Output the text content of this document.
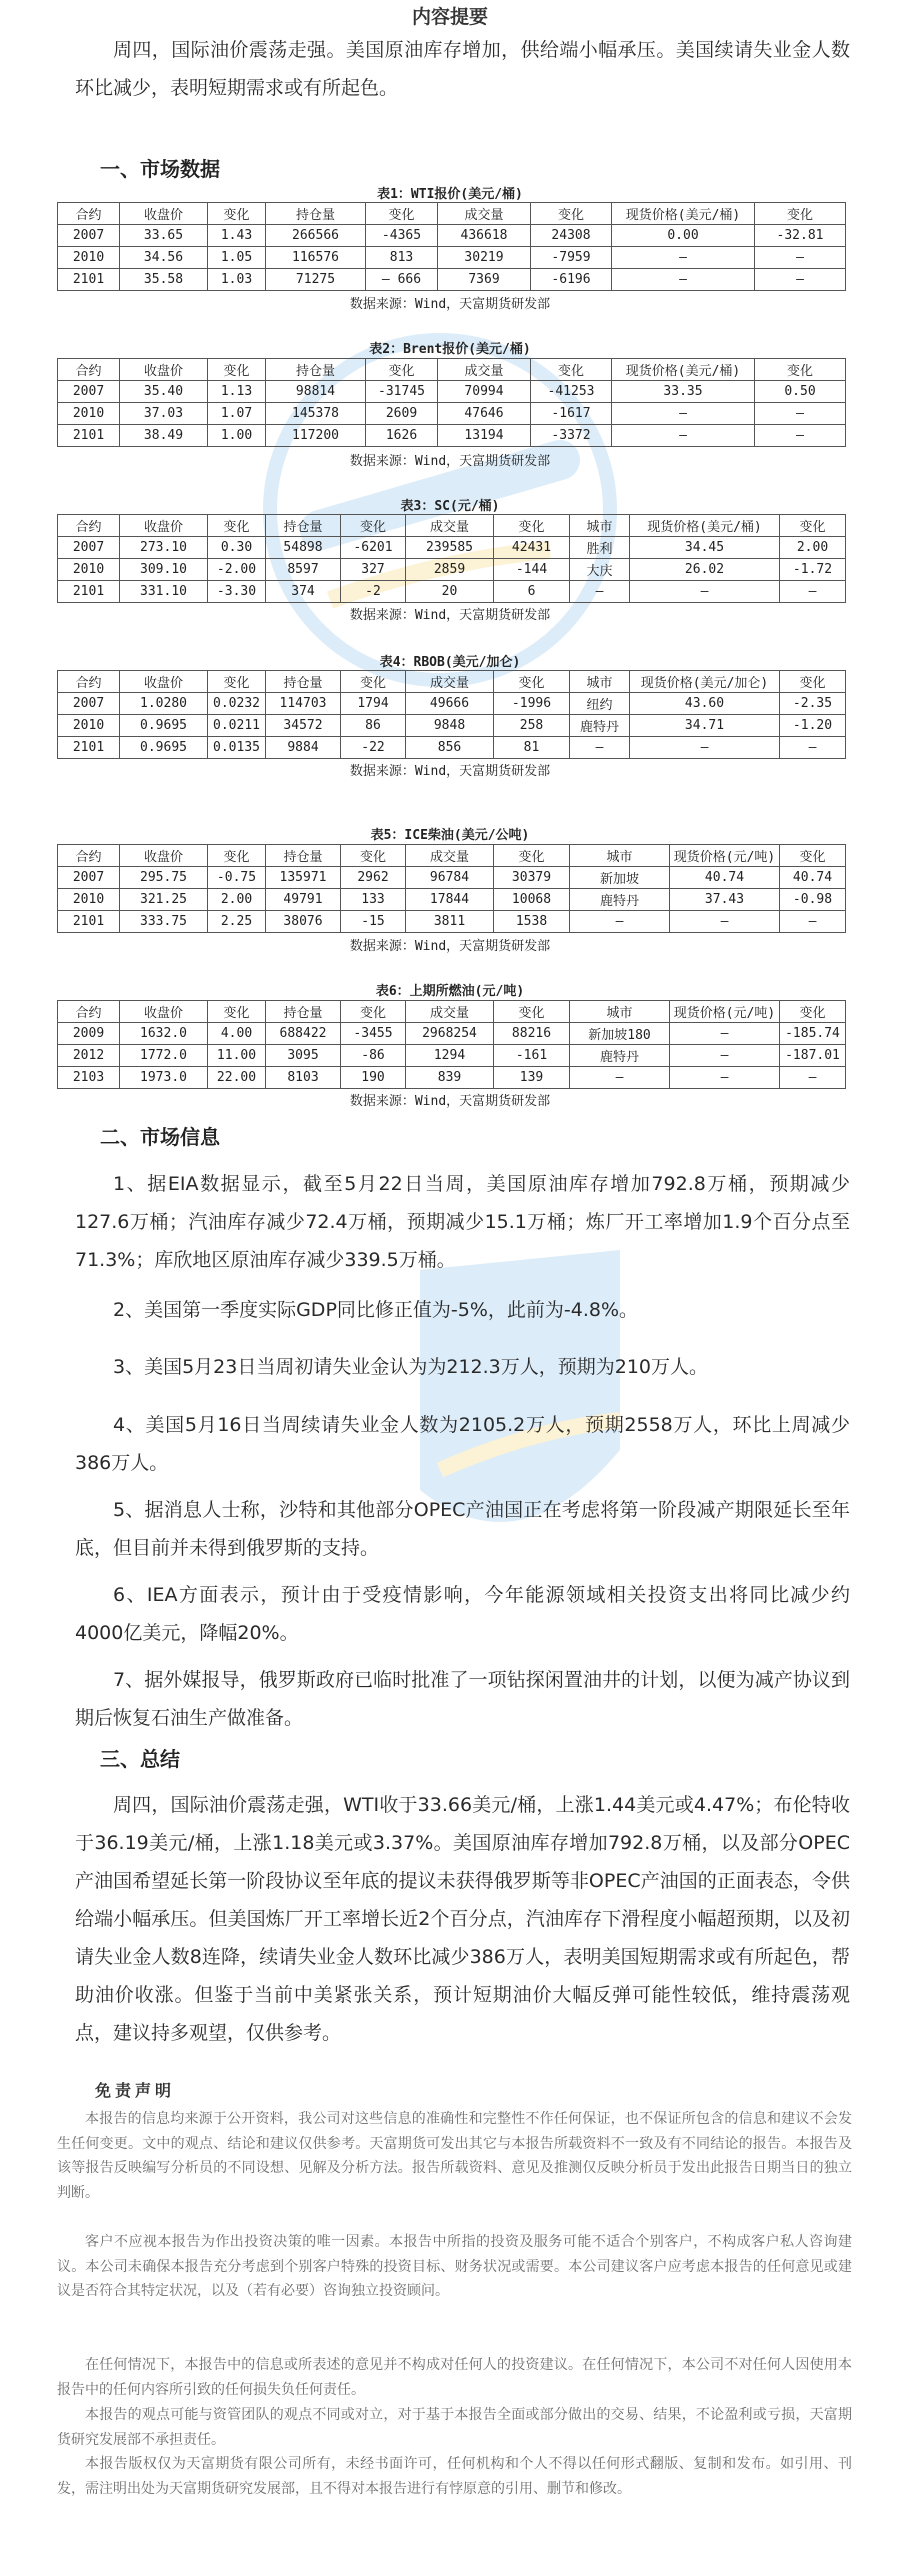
内容提要
周四，国际油价震荡走强。美国原油库存增加，供给端小幅承压。美国续请失业金人数环比减少，表明短期需求或有所起色。
一、市场数据
表1：WTI报价(美元/桶)
合约	收盘价	变化	持仓量	变化	成交量	变化	现货价格(美元/桶)	变化
2007	33.65	1.43	266566	-4365	436618	24308	0.00	-32.81
2010	34.56	1.05	116576	813	30219	-7959	—	—
2101	35.58	1.03	71275	— 666	7369	-6196	—	—
数据来源：Wind，天富期货研发部
表2：Brent报价(美元/桶)
合约	收盘价	变化	持仓量	变化	成交量	变化	现货价格(美元/桶)	变化
2007	35.40	1.13	98814	-31745	70994	-41253	33.35	0.50
2010	37.03	1.07	145378	2609	47646	-1617	—	—
2101	38.49	1.00	117200	1626	13194	-3372	—	—
数据来源：Wind，天富期货研发部
表3：SC(元/桶)
合约	收盘价	变化	持仓量	变化	成交量	变化	城市	现货价格(美元/桶)	变化
2007	273.10	0.30	54898	-6201	239585	42431	胜利	34.45	2.00
2010	309.10	-2.00	8597	327	2859	-144	大庆	26.02	-1.72
2101	331.10	-3.30	374	-2	20	6	—	—	—
数据来源：Wind，天富期货研发部
表4：RBOB(美元/加仑)
合约	收盘价	变化	持仓量	变化	成交量	变化	城市	现货价格(美元/加仑)	变化
2007	1.0280	0.0232	114703	1794	49666	-1996	纽约	43.60	-2.35
2010	0.9695	0.0211	34572	86	9848	258	鹿特丹	34.71	-1.20
2101	0.9695	0.0135	9884	-22	856	81	—	—	—
数据来源：Wind，天富期货研发部
表5：ICE柴油(美元/公吨)
合约	收盘价	变化	持仓量	变化	成交量	变化	城市	现货价格(元/吨)	变化
2007	295.75	-0.75	135971	2962	96784	30379	新加坡	40.74	40.74
2010	321.25	2.00	49791	133	17844	10068	鹿特丹	37.43	-0.98
2101	333.75	2.25	38076	-15	3811	1538	—	—	—
数据来源：Wind，天富期货研发部
表6：上期所燃油(元/吨)
合约	收盘价	变化	持仓量	变化	成交量	变化	城市	现货价格(元/吨)	变化
2009	1632.0	4.00	688422	-3455	2968254	88216	新加坡180	—	-185.74
2012	1772.0	11.00	3095	-86	1294	-161	鹿特丹	—	-187.01
2103	1973.0	22.00	8103	190	839	139	—	—	—
数据来源：Wind，天富期货研发部
二、市场信息
1、据EIA数据显示，截至5月22日当周，美国原油库存增加792.8万桶，预期减少127.6万桶；汽油库存减少72.4万桶，预期减少15.1万桶；炼厂开工率增加1.9个百分点至71.3%；库欣地区原油库存减少339.5万桶。
2、美国第一季度实际GDP同比修正值为-5%，此前为-4.8%。
3、美国5月23日当周初请失业金认为为212.3万人，预期为210万人。
4、美国5月16日当周续请失业金人数为2105.2万人，预期2558万人，环比上周减少386万人。
5、据消息人士称，沙特和其他部分OPEC产油国正在考虑将第一阶段减产期限延长至年底，但目前并未得到俄罗斯的支持。
6、IEA方面表示，预计由于受疫情影响，今年能源领域相关投资支出将同比减少约4000亿美元，降幅20%。
7、据外媒报导，俄罗斯政府已临时批准了一项钻探闲置油井的计划，以便为减产协议到期后恢复石油生产做准备。
三、总结
周四，国际油价震荡走强，WTI收于33.66美元/桶，上涨1.44美元或4.47%；布伦特收于36.19美元/桶，上涨1.18美元或3.37%。美国原油库存增加792.8万桶，以及部分OPEC产油国希望延长第一阶段协议至年底的提议未获得俄罗斯等非OPEC产油国的正面表态，令供给端小幅承压。但美国炼厂开工率增长近2个百分点，汽油库存下滑程度小幅超预期，以及初请失业金人数8连降，续请失业金人数环比减少386万人，表明美国短期需求或有所起色，帮助油价收涨。但鉴于当前中美紧张关系，预计短期油价大幅反弹可能性较低，维持震荡观点，建议持多观望，仅供参考。
免责声明
本报告的信息均来源于公开资料，我公司对这些信息的准确性和完整性不作任何保证，也不保证所包含的信息和建议不会发生任何变更。文中的观点、结论和建议仅供参考。天富期货可发出其它与本报告所载资料不一致及有不同结论的报告。本报告及该等报告反映编写分析员的不同设想、见解及分析方法。报告所载资料、意见及推测仅反映分析员于发出此报告日期当日的独立判断。
客户不应视本报告为作出投资决策的唯一因素。本报告中所指的投资及服务可能不适合个别客户，不构成客户私人咨询建议。本公司未确保本报告充分考虑到个别客户特殊的投资目标、财务状况或需要。本公司建议客户应考虑本报告的任何意见或建议是否符合其特定状况，以及（若有必要）咨询独立投资顾问。
在任何情况下，本报告中的信息或所表述的意见并不构成对任何人的投资建议。在任何情况下，本公司不对任何人因使用本报告中的任何内容所引致的任何损失负任何责任。
本报告的观点可能与资管团队的观点不同或对立，对于基于本报告全面或部分做出的交易、结果，不论盈利或亏损，天富期货研究发展部不承担责任。
本报告版权仅为天富期货有限公司所有，未经书面许可，任何机构和个人不得以任何形式翻版、复制和发布。如引用、刊发，需注明出处为天富期货研究发展部，且不得对本报告进行有悖原意的引用、删节和修改。
